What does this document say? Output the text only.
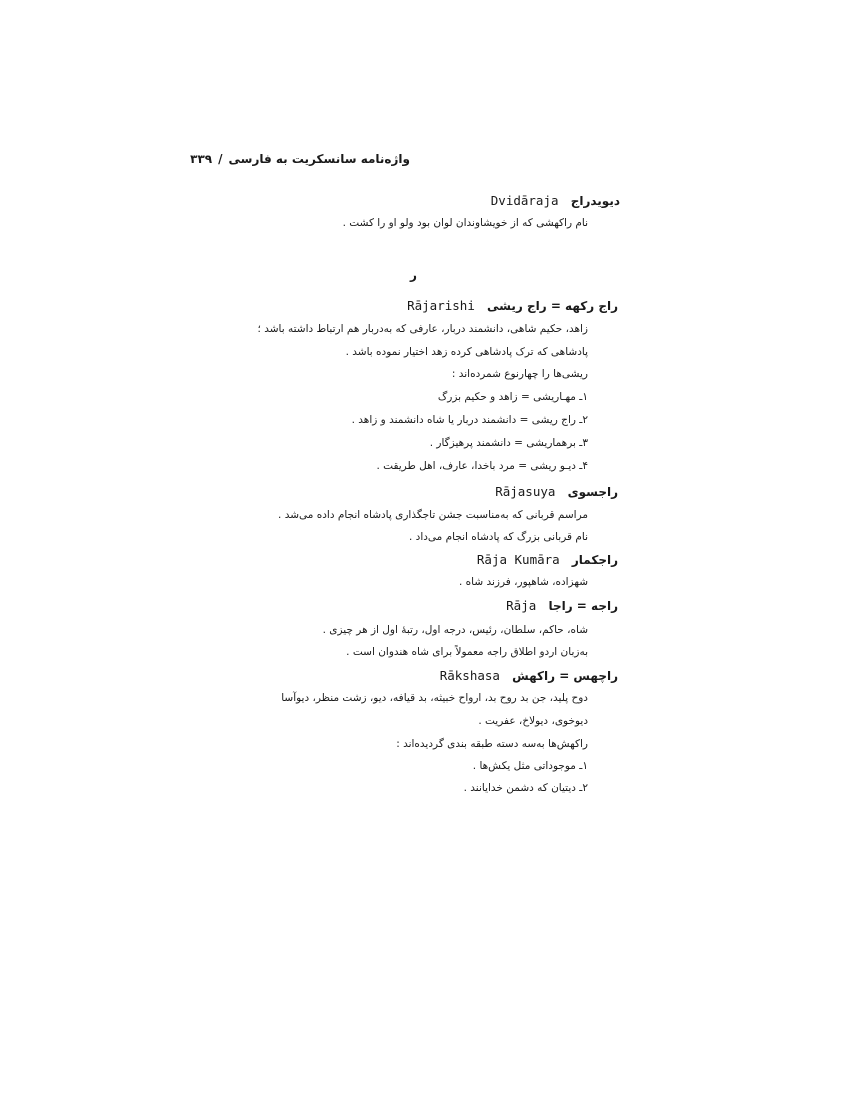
واژه‌نامه سانسکریت به فارسی/۳۳۹
دیویدراج Dvidāraja
نام راکهشی که از خویشاوندان لوان بود ولو او را کشت .
ر
راج رکهه = راج ریشی Rājarishi
زاهد، حکیم شاهی، دانشمند دربار، عارفی که به‌دربار هم ارتباط داشته باشد ؛
پادشاهی که ترک پادشاهی کرده زهد اختیار نموده باشد .
ریشی‌ها را چهارنوع شمرده‌اند :
۱ـ مهـاریشی = زاهد و حکیم بزرگ
۲ـ راج ریشی = دانشمند دربار یا شاه دانشمند و زاهد .
۳ـ برهماریشی = دانشمند پرهیزگار .
۴ـ دیـو ریشی = مرد باخدا، عارف، اهل طریقت .
راجسوی Rājasuya
مراسم قربانی که به‌مناسبت جشن تاجگذاری پادشاه انجام داده می‌شد .
نام قربانی بزرگ که پادشاه انجام می‌داد .
راجکمار Rāja Kumāra
شهزاده، شاهپور، فرزند شاه .
راجه = راجا Rāja
شاه، حاکم، سلطان، رئیس، درجه اول، رتبهٔ اول از هر چیزی .
به‌زبان اردو اطلاق راجه معمولاً برای شاه هندوان است .
راچهس = راکهش Rākshasa
دوح پلید، جن بد روح بد، ارواح خبیثه، بد قیافه، دیو، زشت منظر، دیوآسا
دیوخوی، دیولاخ، عفریت .
راکهش‌ها به‌سه دسته طبقه بندی گردیده‌اند :
۱ـ موجوداتی مثل یکش‌ها .
۲ـ دیتیان که دشمن خدایانند .
